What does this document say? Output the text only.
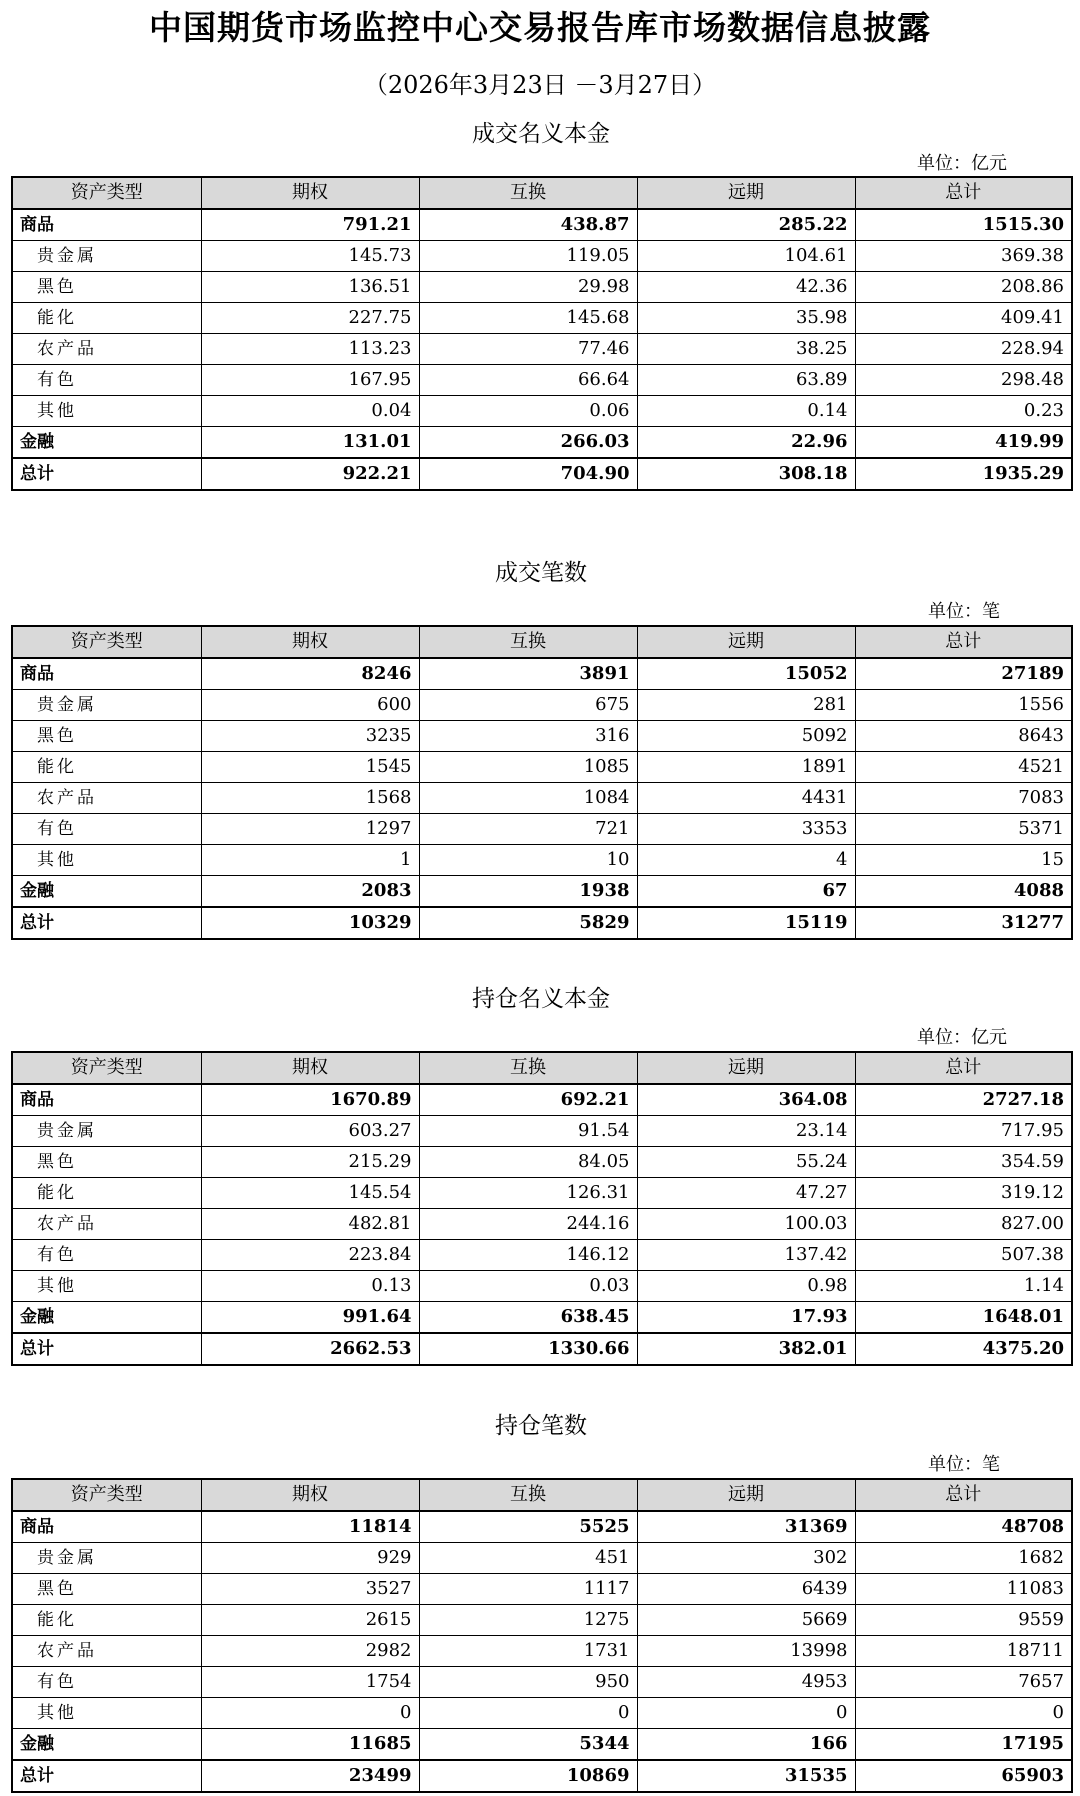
中国期货市场监控中心交易报告库市场数据信息披露
（2026年3月23日 －3月27日）
成交名义本金
单位：亿元
资产类型	期权	互换	远期	总计
商品	791.21	438.87	285.22	1515.30
贵金属	145.73	119.05	104.61	369.38
黑色	136.51	29.98	42.36	208.86
能化	227.75	145.68	35.98	409.41
农产品	113.23	77.46	38.25	228.94
有色	167.95	66.64	63.89	298.48
其他	0.04	0.06	0.14	0.23
金融	131.01	266.03	22.96	419.99
总计	922.21	704.90	308.18	1935.29
成交笔数
单位：笔
资产类型	期权	互换	远期	总计
商品	8246	3891	15052	27189
贵金属	600	675	281	1556
黑色	3235	316	5092	8643
能化	1545	1085	1891	4521
农产品	1568	1084	4431	7083
有色	1297	721	3353	5371
其他	1	10	4	15
金融	2083	1938	67	4088
总计	10329	5829	15119	31277
持仓名义本金
单位：亿元
资产类型	期权	互换	远期	总计
商品	1670.89	692.21	364.08	2727.18
贵金属	603.27	91.54	23.14	717.95
黑色	215.29	84.05	55.24	354.59
能化	145.54	126.31	47.27	319.12
农产品	482.81	244.16	100.03	827.00
有色	223.84	146.12	137.42	507.38
其他	0.13	0.03	0.98	1.14
金融	991.64	638.45	17.93	1648.01
总计	2662.53	1330.66	382.01	4375.20
持仓笔数
单位：笔
资产类型	期权	互换	远期	总计
商品	11814	5525	31369	48708
贵金属	929	451	302	1682
黑色	3527	1117	6439	11083
能化	2615	1275	5669	9559
农产品	2982	1731	13998	18711
有色	1754	950	4953	7657
其他	0	0	0	0
金融	11685	5344	166	17195
总计	23499	10869	31535	65903
